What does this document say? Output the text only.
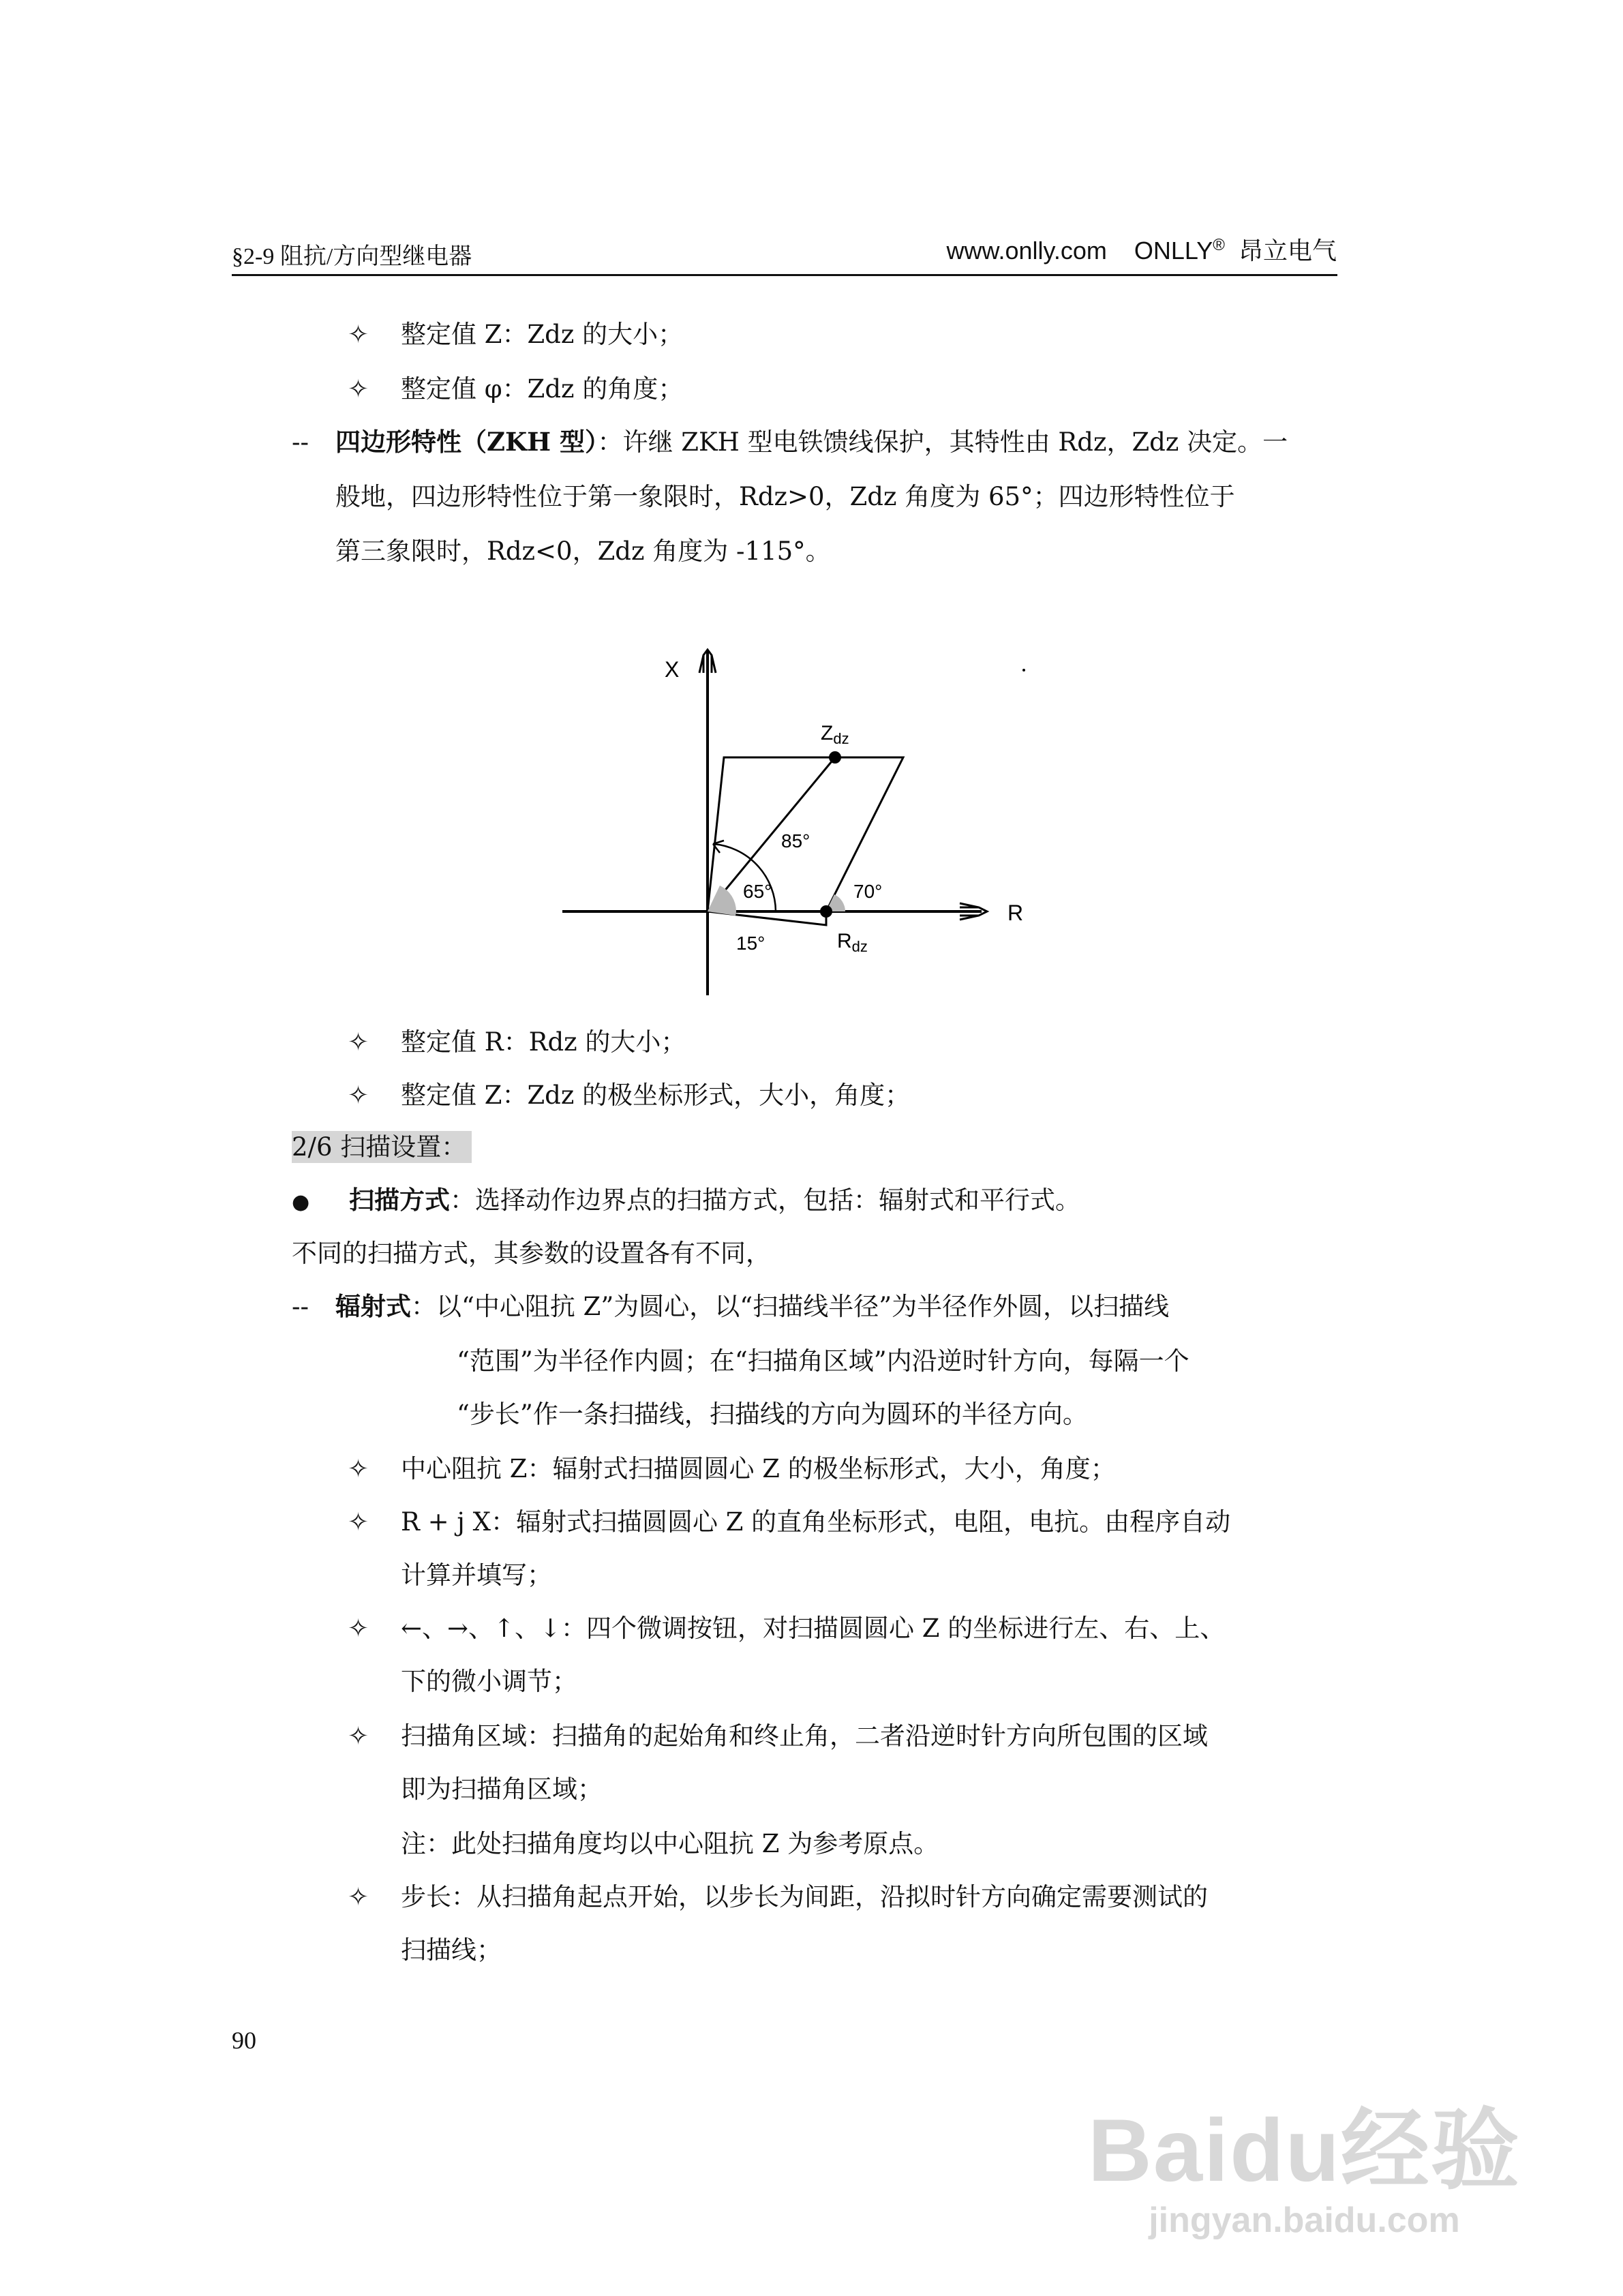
§2-9 阻抗/方向型继电器	www.onlly.com ONLLY® 昂立电气
✧ 整定值 Z：Zdz 的大小；
✧ 整定值 φ：Zdz 的角度；
-- 四边形特性（ZKH 型）：许继 ZKH 型电铁馈线保护，其特性由 Rdz，Zdz 决定。一
般地，四边形特性位于第一象限时，Rdz>0，Zdz 角度为 65°；四边形特性位于
第三象限时，Rdz<0，Zdz 角度为 -115°。
X
R
$Z_{dz}$
$R_{dz}$
85°
65°	70°
15°
✧ 整定值 R：Rdz 的大小；
✧ 整定值 Z：Zdz 的极坐标形式，大小，角度；
2/6 扫描设置：
● 扫描方式：选择动作边界点的扫描方式，包括：辐射式和平行式。
不同的扫描方式，其参数的设置各有不同，
-- 辐射式：以“中心阻抗 Z”为圆心，以“扫描线半径”为半径作外圆，以扫描线
“范围”为半径作内圆；在“扫描角区域”内沿逆时针方向，每隔一个
“步长”作一条扫描线，扫描线的方向为圆环的半径方向。
✧ 中心阻抗 Z：辐射式扫描圆圆心 Z 的极坐标形式，大小，角度；
✧ R + j X：辐射式扫描圆圆心 Z 的直角坐标形式，电阻，电抗。由程序自动
计算并填写；
✧ ←、→、↑、↓：四个微调按钮，对扫描圆圆心 Z 的坐标进行左、右、上、
下的微小调节；
✧ 扫描角区域：扫描角的起始角和终止角，二者沿逆时针方向所包围的区域
即为扫描角区域；
注：此处扫描角度均以中心阻抗 Z 为参考原点。
✧ 步长：从扫描角起点开始，以步长为间距，沿拟时针方向确定需要测试的
扫描线；
90
Baidu经验
jingyan.baidu.com
